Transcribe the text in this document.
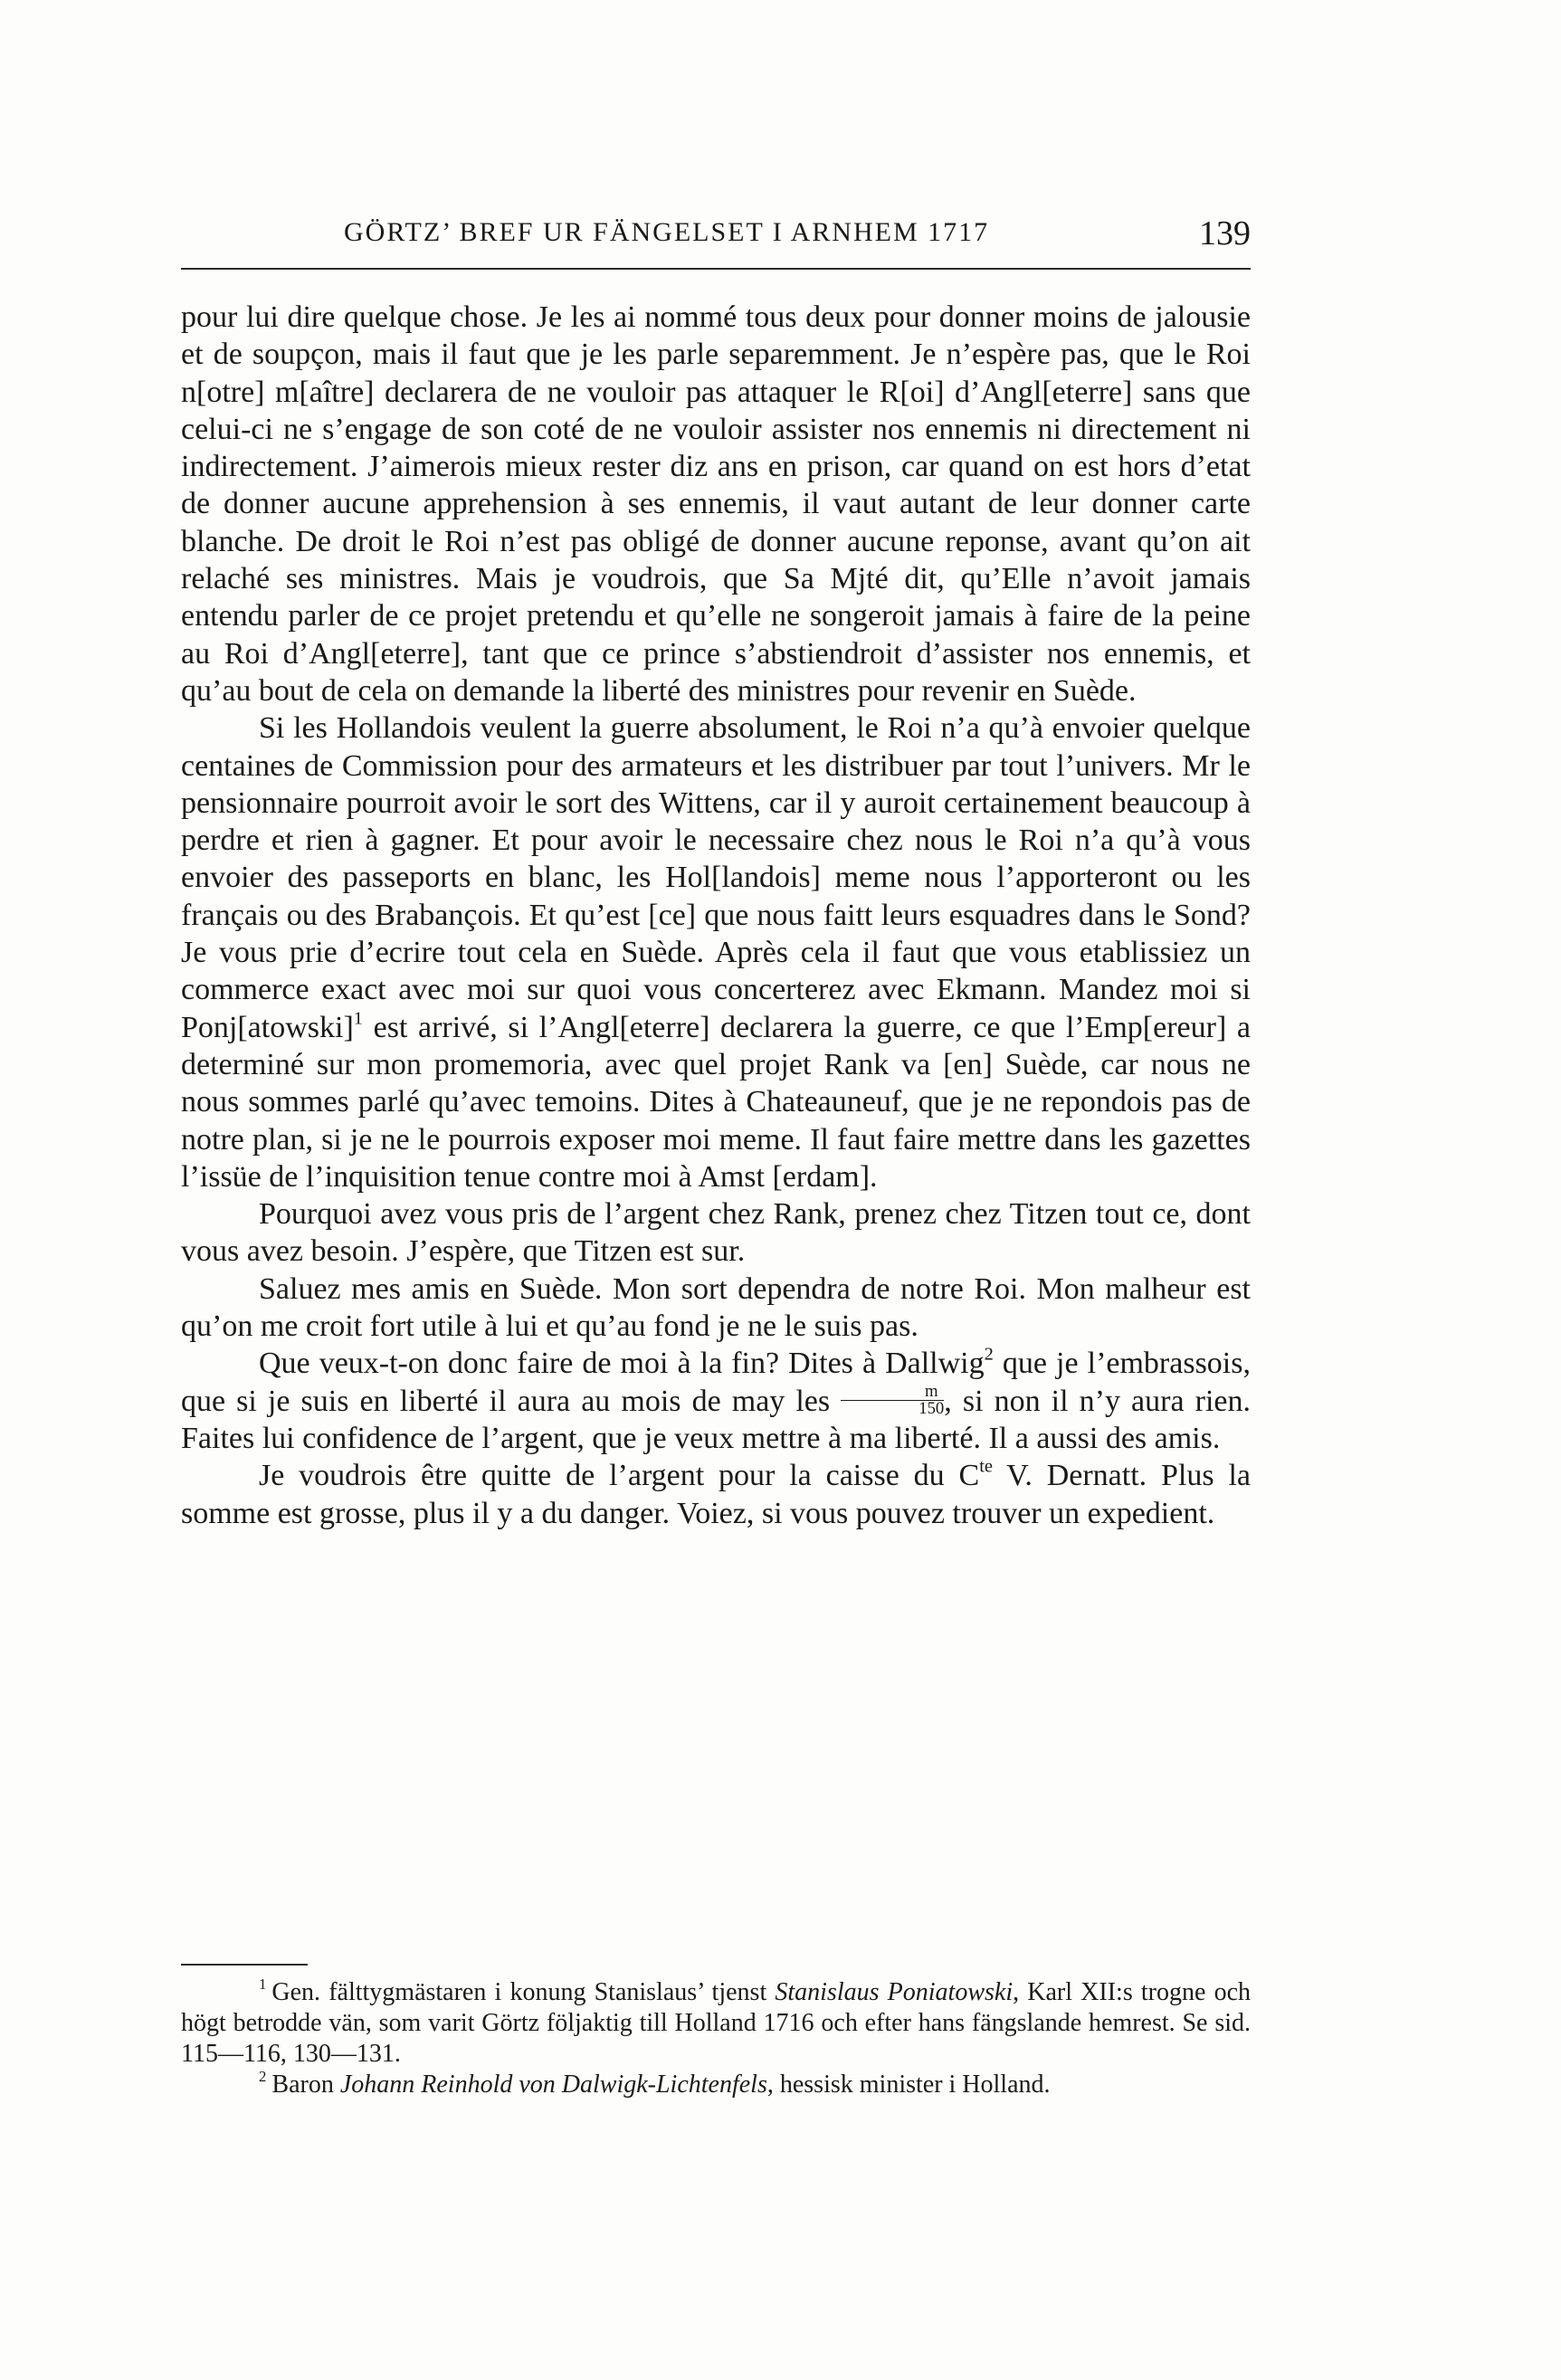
GÖRTZ’ BREF UR FÄNGELSET I ARNHEM 1717	139

pour lui dire quelque chose. Je les ai nommé tous deux pour donner moins de jalousie et de soupçon, mais il faut que je les parle separemment. Je n’espère pas, que le Roi n[otre] m[aître] declarera de ne vouloir pas attaquer le R[oi] d’Angl[eterre] sans que celui-ci ne s’engage de son coté de ne vouloir assister nos ennemis ni directement ni indirectement. J’aimerois mieux rester diz ans en prison, car quand on est hors d’etat de donner aucune apprehension à ses ennemis, il vaut autant de leur donner carte blanche. De droit le Roi n’est pas obligé de donner aucune reponse, avant qu’on ait relaché ses ministres. Mais je voudrois, que Sa Mjté dit, qu’Elle n’avoit jamais entendu parler de ce projet pretendu et qu’elle ne songeroit jamais à faire de la peine au Roi d’Angl[eterre], tant que ce prince s’abstiendroit d’assister nos ennemis, et qu’au bout de cela on demande la liberté des ministres pour revenir en Suède.

Si les Hollandois veulent la guerre absolument, le Roi n’a qu’à envoier quelque centaines de Commission pour des armateurs et les distribuer par tout l’univers. Mr le pensionnaire pourroit avoir le sort des Wittens, car il y auroit certainement beaucoup à perdre et rien à gagner. Et pour avoir le necessaire chez nous le Roi n’a qu’à vous envoier des passeports en blanc, les Hol[landois] meme nous l’apporteront ou les français ou des Brabançois. Et qu’est [ce] que nous faitt leurs esquadres dans le Sond? Je vous prie d’ecrire tout cela en Suède. Après cela il faut que vous etablissiez un commerce exact avec moi sur quoi vous concerterez avec Ekmann. Mandez moi si Ponj[atowski]$^1$ est arrivé, si l’Angl[eterre] declarera la guerre, ce que l’Emp[ereur] a determiné sur mon promemoria, avec quel projet Rank va [en] Suède, car nous ne nous sommes parlé qu’avec temoins. Dites à Chateauneuf, que je ne repondois pas de notre plan, si je ne le pourrois exposer moi meme. Il faut faire mettre dans les gazettes l’issüe de l’inquisition tenue contre moi à Amst [erdam].

Pourquoi avez vous pris de l’argent chez Rank, prenez chez Titzen tout ce, dont vous avez besoin. J’espère, que Titzen est sur.

Saluez mes amis en Suède. Mon sort dependra de notre Roi. Mon malheur est qu’on me croit fort utile à lui et qu’au fond je ne le suis pas.

Que veux-t-on donc faire de moi à la fin? Dites à Dallwig$^2$ que je l’embrassois, que si je suis en liberté il aura au mois de may les $\frac{m}{150}$ , si non il n’y aura rien. Faites lui confidence de l’argent, que je veux mettre à ma liberté. Il a aussi des amis.

Je voudrois être quitte de l’argent pour la caisse du $C^{te}$ V. Dernatt. Plus la somme est grosse, plus il y a du danger. Voiez, si vous pouvez trouver un expedient.

$^1$ Gen. fälttygmästaren i konung Stanislaus’ tjenst Stanislaus Poniatowski, Karl XII:s trogne och högt betrodde vän, som varit Görtz följaktig till Holland 1716 och efter hans fängslande hemrest. Se sid. 115—116, 130—131.

$^2$ Baron Johann Reinhold von Dalwigk-Lichtenfels, hessisk minister i Holland.
